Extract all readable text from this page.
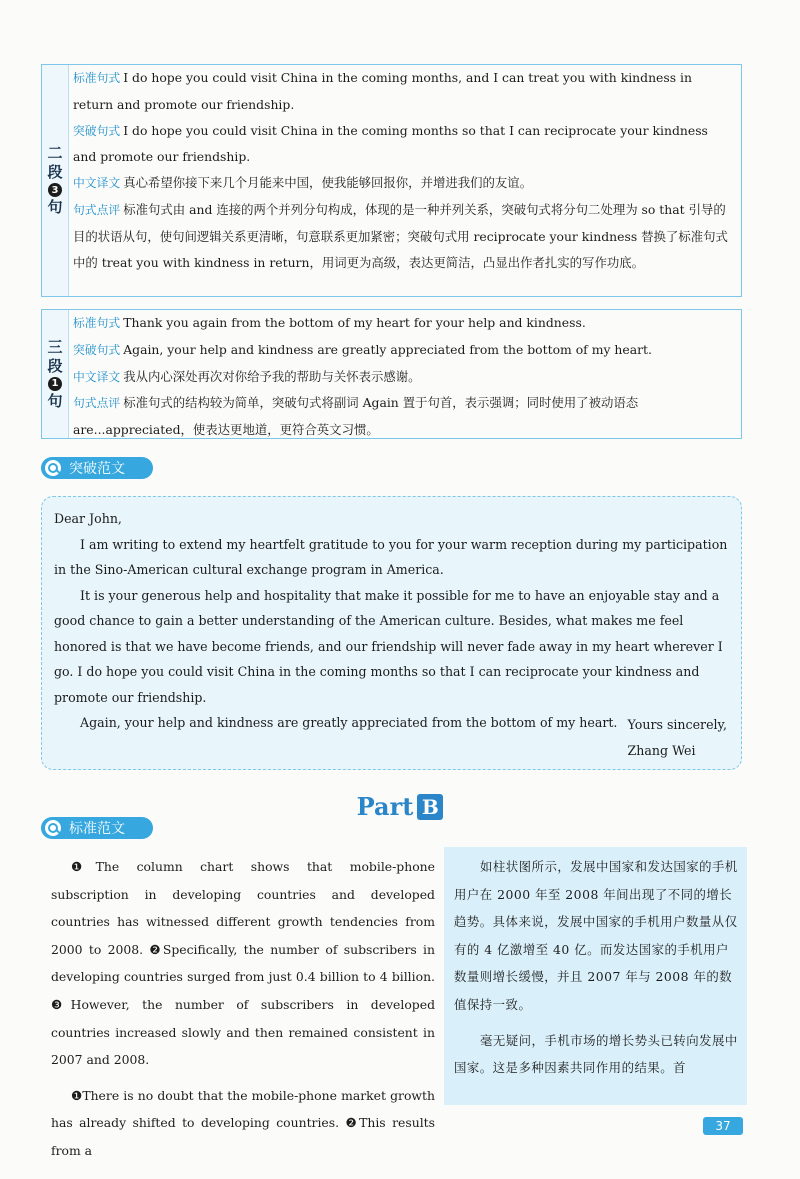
二
段
3
句
标准句式 I do hope you could visit China in the coming months, and I can treat you with kindness in return and promote our friendship.
突破句式 I do hope you could visit China in the coming months so that I can reciprocate your kindness and promote our friendship.
中文译文 真心希望你接下来几个月能来中国，使我能够回报你，并增进我们的友谊。
句式点评 标准句式由 and 连接的两个并列分句构成，体现的是一种并列关系，突破句式将分句二处理为 so that 引导的目的状语从句，使句间逻辑关系更清晰，句意联系更加紧密；突破句式用 reciprocate your kindness 替换了标准句式中的 treat you with kindness in return，用词更为高级，表达更简洁，凸显出作者扎实的写作功底。
三
段
1
句
标准句式 Thank you again from the bottom of my heart for your help and kindness.
突破句式 Again, your help and kindness are greatly appreciated from the bottom of my heart.
中文译文 我从内心深处再次对你给予我的帮助与关怀表示感谢。
句式点评 标准句式的结构较为简单，突破句式将副词 Again 置于句首，表示强调；同时使用了被动语态 are...appreciated，使表达更地道，更符合英文习惯。
突破范文

Dear John,

I am writing to extend my heartfelt gratitude to you for your warm reception during my participation in the Sino-American cultural exchange program in America.

It is your generous help and hospitality that make it possible for me to have an enjoyable stay and a good chance to gain a better understanding of the American culture. Besides, what makes me feel honored is that we have become friends, and our friendship will never fade away in my heart wherever I go. I do hope you could visit China in the coming months so that I can reciprocate your kindness and promote our friendship.

Again, your help and kindness are greatly appreciated from the bottom of my heart. Yours sincerely,
Zhang Wei
Part B
标准范文

❶The column chart shows that mobile-phone subscription in developing countries and developed countries has witnessed different growth tendencies from 2000 to 2008. ❷Specifically, the number of subscribers in developing countries surged from just 0.4 billion to 4 billion. ❸However, the number of subscribers in developed countries increased slowly and then remained consistent in 2007 and 2008.

❶There is no doubt that the mobile-phone market growth has already shifted to developing countries. ❷This results from a

如柱状图所示，发展中国家和发达国家的手机用户在 2000 年至 2008 年间出现了不同的增长趋势。具体来说，发展中国家的手机用户数量从仅有的 4 亿激增至 40 亿。而发达国家的手机用户数量则增长缓慢，并且 2007 年与 2008 年的数值保持一致。

毫无疑问，手机市场的增长势头已转向发展中国家。这是多种因素共同作用的结果。首

37
